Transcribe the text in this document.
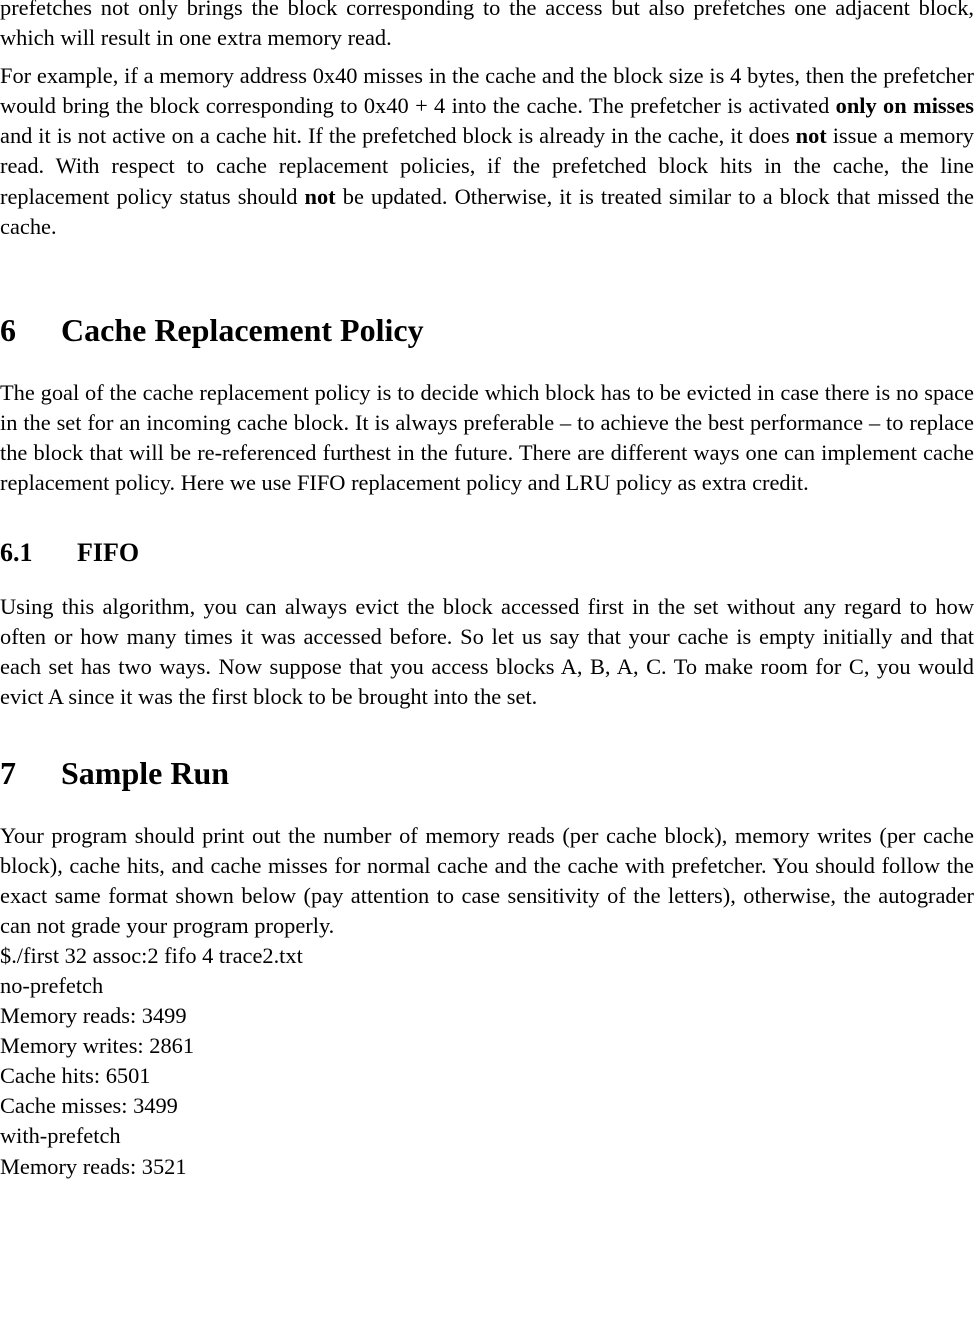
prefetches not only brings the block corresponding to the access but also prefetches one adjacent block, which will result in one extra memory read.

For example, if a memory address 0x40 misses in the cache and the block size is 4 bytes, then the prefetcher would bring the block corresponding to 0x40 + 4 into the cache. The prefetcher is activated only on misses and it is not active on a cache hit. If the prefetched block is already in the cache, it does not issue a memory read. With respect to cache replacement policies, if the prefetched block hits in the cache, the line replacement policy status should not be updated. Otherwise, it is treated similar to a block that missed the cache.

6 Cache Replacement Policy

The goal of the cache replacement policy is to decide which block has to be evicted in case there is no space in the set for an incoming cache block. It is always preferable – to achieve the best performance – to replace the block that will be re-referenced furthest in the future. There are different ways one can implement cache replacement policy. Here we use FIFO replacement policy and LRU policy as extra credit.

6.1 FIFO

Using this algorithm, you can always evict the block accessed first in the set without any regard to how often or how many times it was accessed before. So let us say that your cache is empty initially and that each set has two ways. Now suppose that you access blocks A, B, A, C. To make room for C, you would evict A since it was the first block to be brought into the set.

7 Sample Run

Your program should print out the number of memory reads (per cache block), memory writes (per cache block), cache hits, and cache misses for normal cache and the cache with prefetcher. You should follow the exact same format shown below (pay attention to case sensitivity of the letters), otherwise, the autograder can not grade your program properly.

$./first 32 assoc:2 fifo 4 trace2.txt
no-prefetch
Memory reads: 3499
Memory writes: 2861
Cache hits: 6501
Cache misses: 3499
with-prefetch
Memory reads: 3521
